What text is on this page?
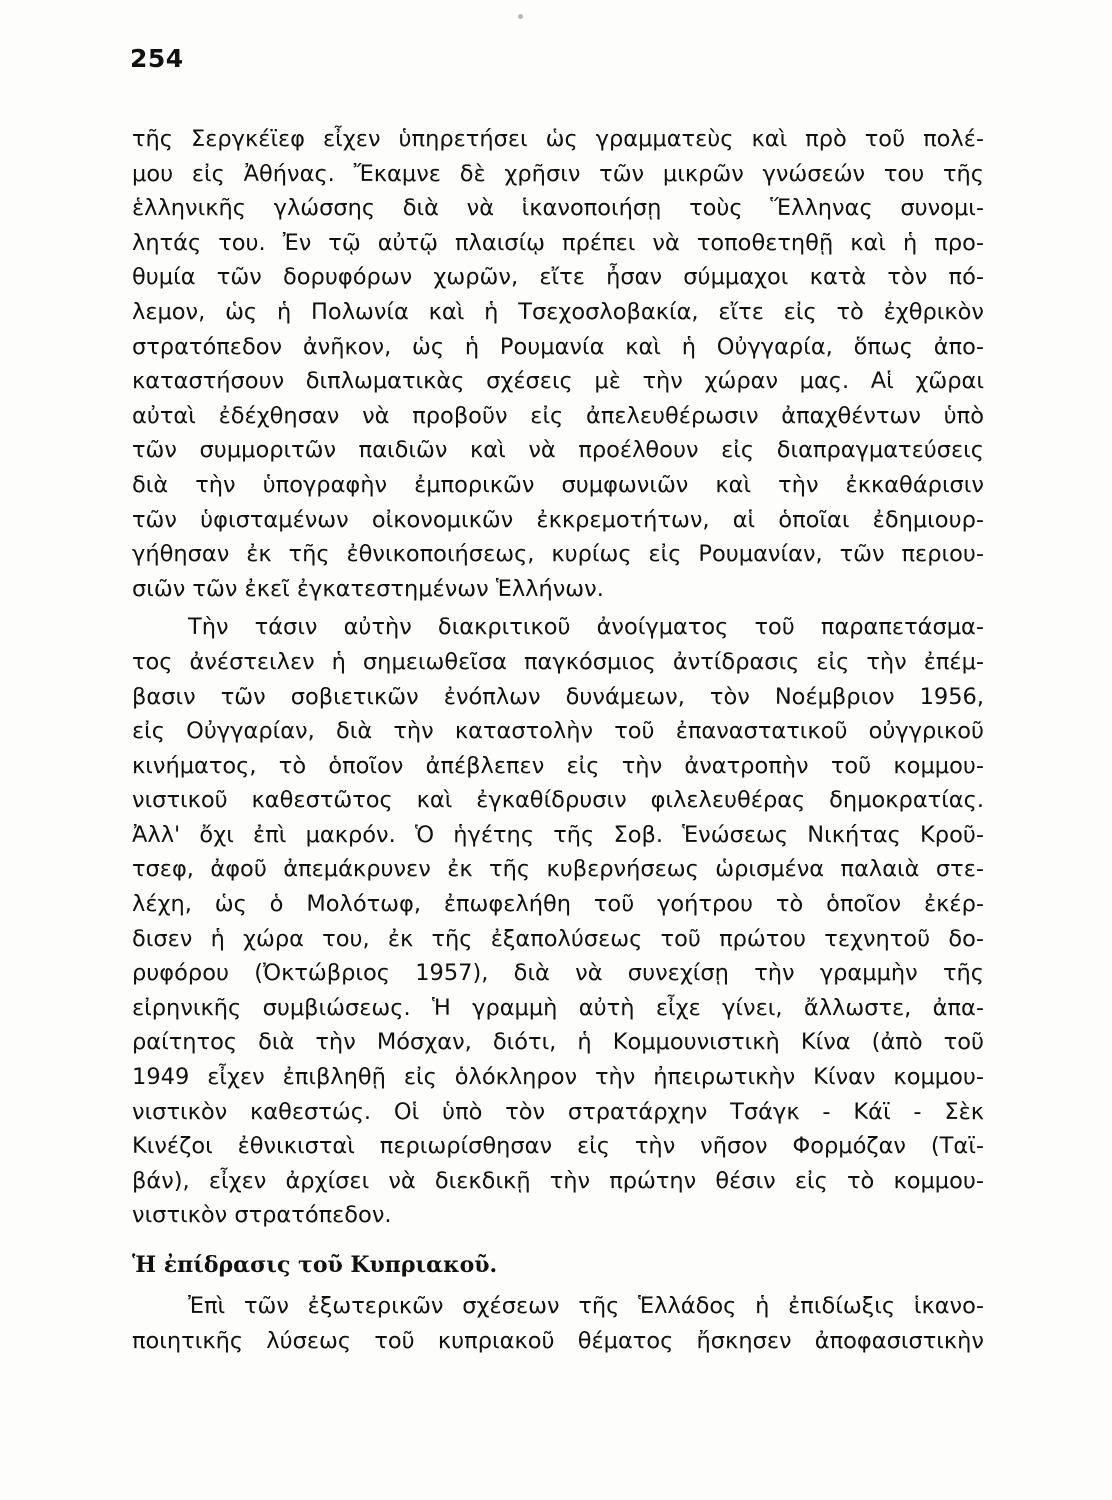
254
τῆς Σεργκέϊεφ εἶχεν ὑπηρετήσει ὡς γραμματεὺς καὶ πρὸ τοῦ πολέ-
μου εἰς Ἀθήνας. Ἔκαμνε δὲ χρῆσιν τῶν μικρῶν γνώσεών του τῆς
ἑλληνικῆς γλώσσης διὰ νὰ ἱκανοποιήσῃ τοὺς Ἕλληνας συνομι-
λητάς του. Ἐν τῷ αὐτῷ πλαισίῳ πρέπει νὰ τοποθετηθῇ καὶ ἡ προ-
θυμία τῶν δορυφόρων χωρῶν, εἴτε ἦσαν σύμμαχοι κατὰ τὸν πό-
λεμον, ὡς ἡ Πολωνία καὶ ἡ Τσεχοσλοβακία, εἴτε εἰς τὸ ἐχθρικὸν
στρατόπεδον ἀνῆκον, ὡς ἡ Ρουμανία καὶ ἡ Οὐγγαρία, ὅπως ἀπο-
καταστήσουν διπλωματικὰς σχέσεις μὲ τὴν χώραν μας. Αἱ χῶραι
αὐταὶ ἐδέχθησαν νὰ προβοῦν εἰς ἀπελευθέρωσιν ἀπαχθέντων ὑπὸ
τῶν συμμοριτῶν παιδιῶν καὶ νὰ προέλθουν εἰς διαπραγματεύσεις
διὰ τὴν ὑπογραφὴν ἐμπορικῶν συμφωνιῶν καὶ τὴν ἐκκαθάρισιν
τῶν ὑφισταμένων οἰκονομικῶν ἐκκρεμοτήτων, αἱ ὁποῖαι ἐδημιουρ-
γήθησαν ἐκ τῆς ἐθνικοποιήσεως, κυρίως εἰς Ρουμανίαν, τῶν περιου-
σιῶν τῶν ἐκεῖ ἐγκατεστημένων Ἑλλήνων.
Τὴν τάσιν αὐτὴν διακριτικοῦ ἀνοίγματος τοῦ παραπετάσμα-
τος ἀνέστειλεν ἡ σημειωθεῖσα παγκόσμιος ἀντίδρασις εἰς τὴν ἐπέμ-
βασιν τῶν σοβιετικῶν ἐνόπλων δυνάμεων, τὸν Νοέμβριον 1956,
εἰς Οὐγγαρίαν, διὰ τὴν καταστολὴν τοῦ ἐπαναστατικοῦ οὐγγρικοῦ
κινήματος, τὸ ὁποῖον ἀπέβλεπεν εἰς τὴν ἀνατροπὴν τοῦ κομμου-
νιστικοῦ καθεστῶτος καὶ ἐγκαθίδρυσιν φιλελευθέρας δημοκρατίας.
Ἀλλ' ὄχι ἐπὶ μακρόν. Ὁ ἡγέτης τῆς Σοβ. Ἑνώσεως Νικήτας Κροῦ-
τσεφ, ἀφοῦ ἀπεμάκρυνεν ἐκ τῆς κυβερνήσεως ὡρισμένα παλαιὰ στε-
λέχη, ὡς ὁ Μολότωφ, ἐπωφελήθη τοῦ γοήτρου τὸ ὁποῖον ἐκέρ-
δισεν ἡ χώρα του, ἐκ τῆς ἐξαπολύσεως τοῦ πρώτου τεχνητοῦ δο-
ρυφόρου (Ὀκτώβριος 1957), διὰ νὰ συνεχίσῃ τὴν γραμμὴν τῆς
εἰρηνικῆς συμβιώσεως. Ἡ γραμμὴ αὐτὴ εἶχε γίνει, ἄλλωστε, ἀπα-
ραίτητος διὰ τὴν Μόσχαν, διότι, ἡ Κομμουνιστικὴ Κίνα (ἀπὸ τοῦ
1949 εἶχεν ἐπιβληθῇ εἰς ὁλόκληρον τὴν ἠπειρωτικὴν Κίναν κομμου-
νιστικὸν καθεστώς. Οἱ ὑπὸ τὸν στρατάρχην Τσάγκ - Κάϊ - Σὲκ
Κινέζοι ἐθνικισταὶ περιωρίσθησαν εἰς τὴν νῆσον Φορμόζαν (Ταϊ-
βάν), εἶχεν ἀρχίσει νὰ διεκδικῇ τὴν πρώτην θέσιν εἰς τὸ κομμου-
νιστικὸν στρατόπεδον.
Ἡ ἐπίδρασις τοῦ Κυπριακοῦ.
Ἐπὶ τῶν ἐξωτερικῶν σχέσεων τῆς Ἑλλάδος ἡ ἐπιδίωξις ἱκανο-
ποιητικῆς λύσεως τοῦ κυπριακοῦ θέματος ἤσκησεν ἀποφασιστικὴν
